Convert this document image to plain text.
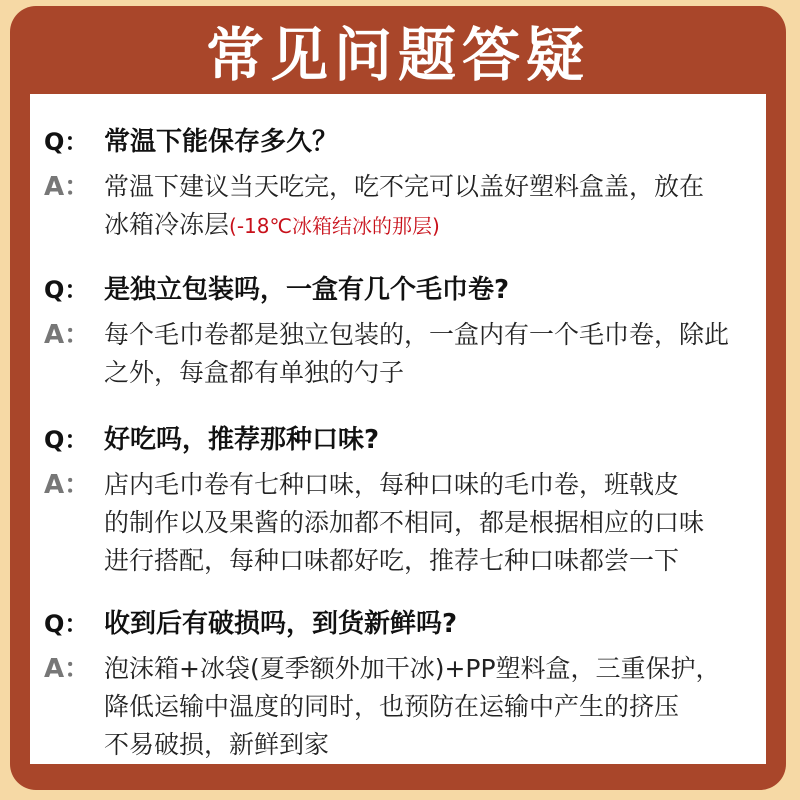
常见问题答疑
Q： 常温下能保存多久？
A： 常温下建议当天吃完，吃不完可以盖好塑料盒盖，放在
冰箱冷冻层(-18℃冰箱结冰的那层)
Q： 是独立包装吗，一盒有几个毛巾卷?
A： 每个毛巾卷都是独立包装的，一盒内有一个毛巾卷，除此
之外，每盒都有单独的勺子
Q： 好吃吗，推荐那种口味?
A： 店内毛巾卷有七种口味，每种口味的毛巾卷，班戟皮
的制作以及果酱的添加都不相同，都是根据相应的口味
进行搭配，每种口味都好吃，推荐七种口味都尝一下
Q： 收到后有破损吗，到货新鲜吗?
A： 泡沫箱+冰袋(夏季额外加干冰)+PP塑料盒，三重保护，
降低运输中温度的同时，也预防在运输中产生的挤压
不易破损，新鲜到家
